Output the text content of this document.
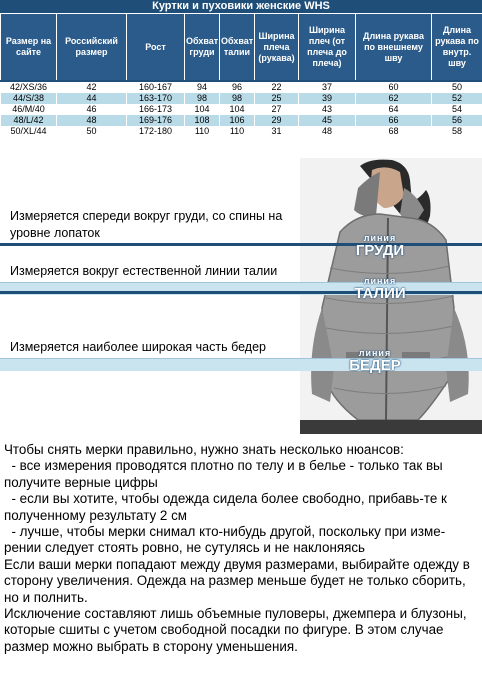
Куртки и пуховики женские WHS
Размер на сайте	Российский размер	Рост	Обхват груди	Обхват талии	Ширина плеча (рукава)	Ширина плеч (от плеча до плеча)	Длина рукава по внешнему шву	Длина рукава по внутр. шву
42/XS/36	42	160-167	94	96	22	37	60	50
44/S/38	44	163-170	98	98	25	39	62	52
46/M/40	46	166-173	104	104	27	43	64	54
48/L/42	48	169-176	108	106	29	45	66	56
50/XL/44	50	172-180	110	110	31	48	68	58
Измеряется спереди вокруг груди, со спины на уровне лопаток
Измеряется вокруг естественной линии талии
Измеряется наиболее широкая часть бедер
линия
ГРУДИ
линия
ТАЛИИ
линия
БЕДЕР

Чтобы снять мерки правильно, нужно знать несколько нюансов:

- все измерения проводятся плотно по телу и в белье - только так вы получите верные цифры

- если вы хотите, чтобы одежда сидела более свободно, прибавь-те к полученному результату 2 см

- лучше, чтобы мерки снимал кто-нибудь другой, поскольку при изме-рении следует стоять ровно, не сутулясь и не наклоняясь

Если ваши мерки попадают между двумя размерами, выбирайте одежду в сторону увеличения. Одежда на размер меньше будет не только сборить, но и полнить.

Исключение составляют лишь объемные пуловеры, джемпера и блузоны, которые сшиты с учетом свободной посадки по фигуре. В этом случае размер можно выбрать в сторону уменьшения.
